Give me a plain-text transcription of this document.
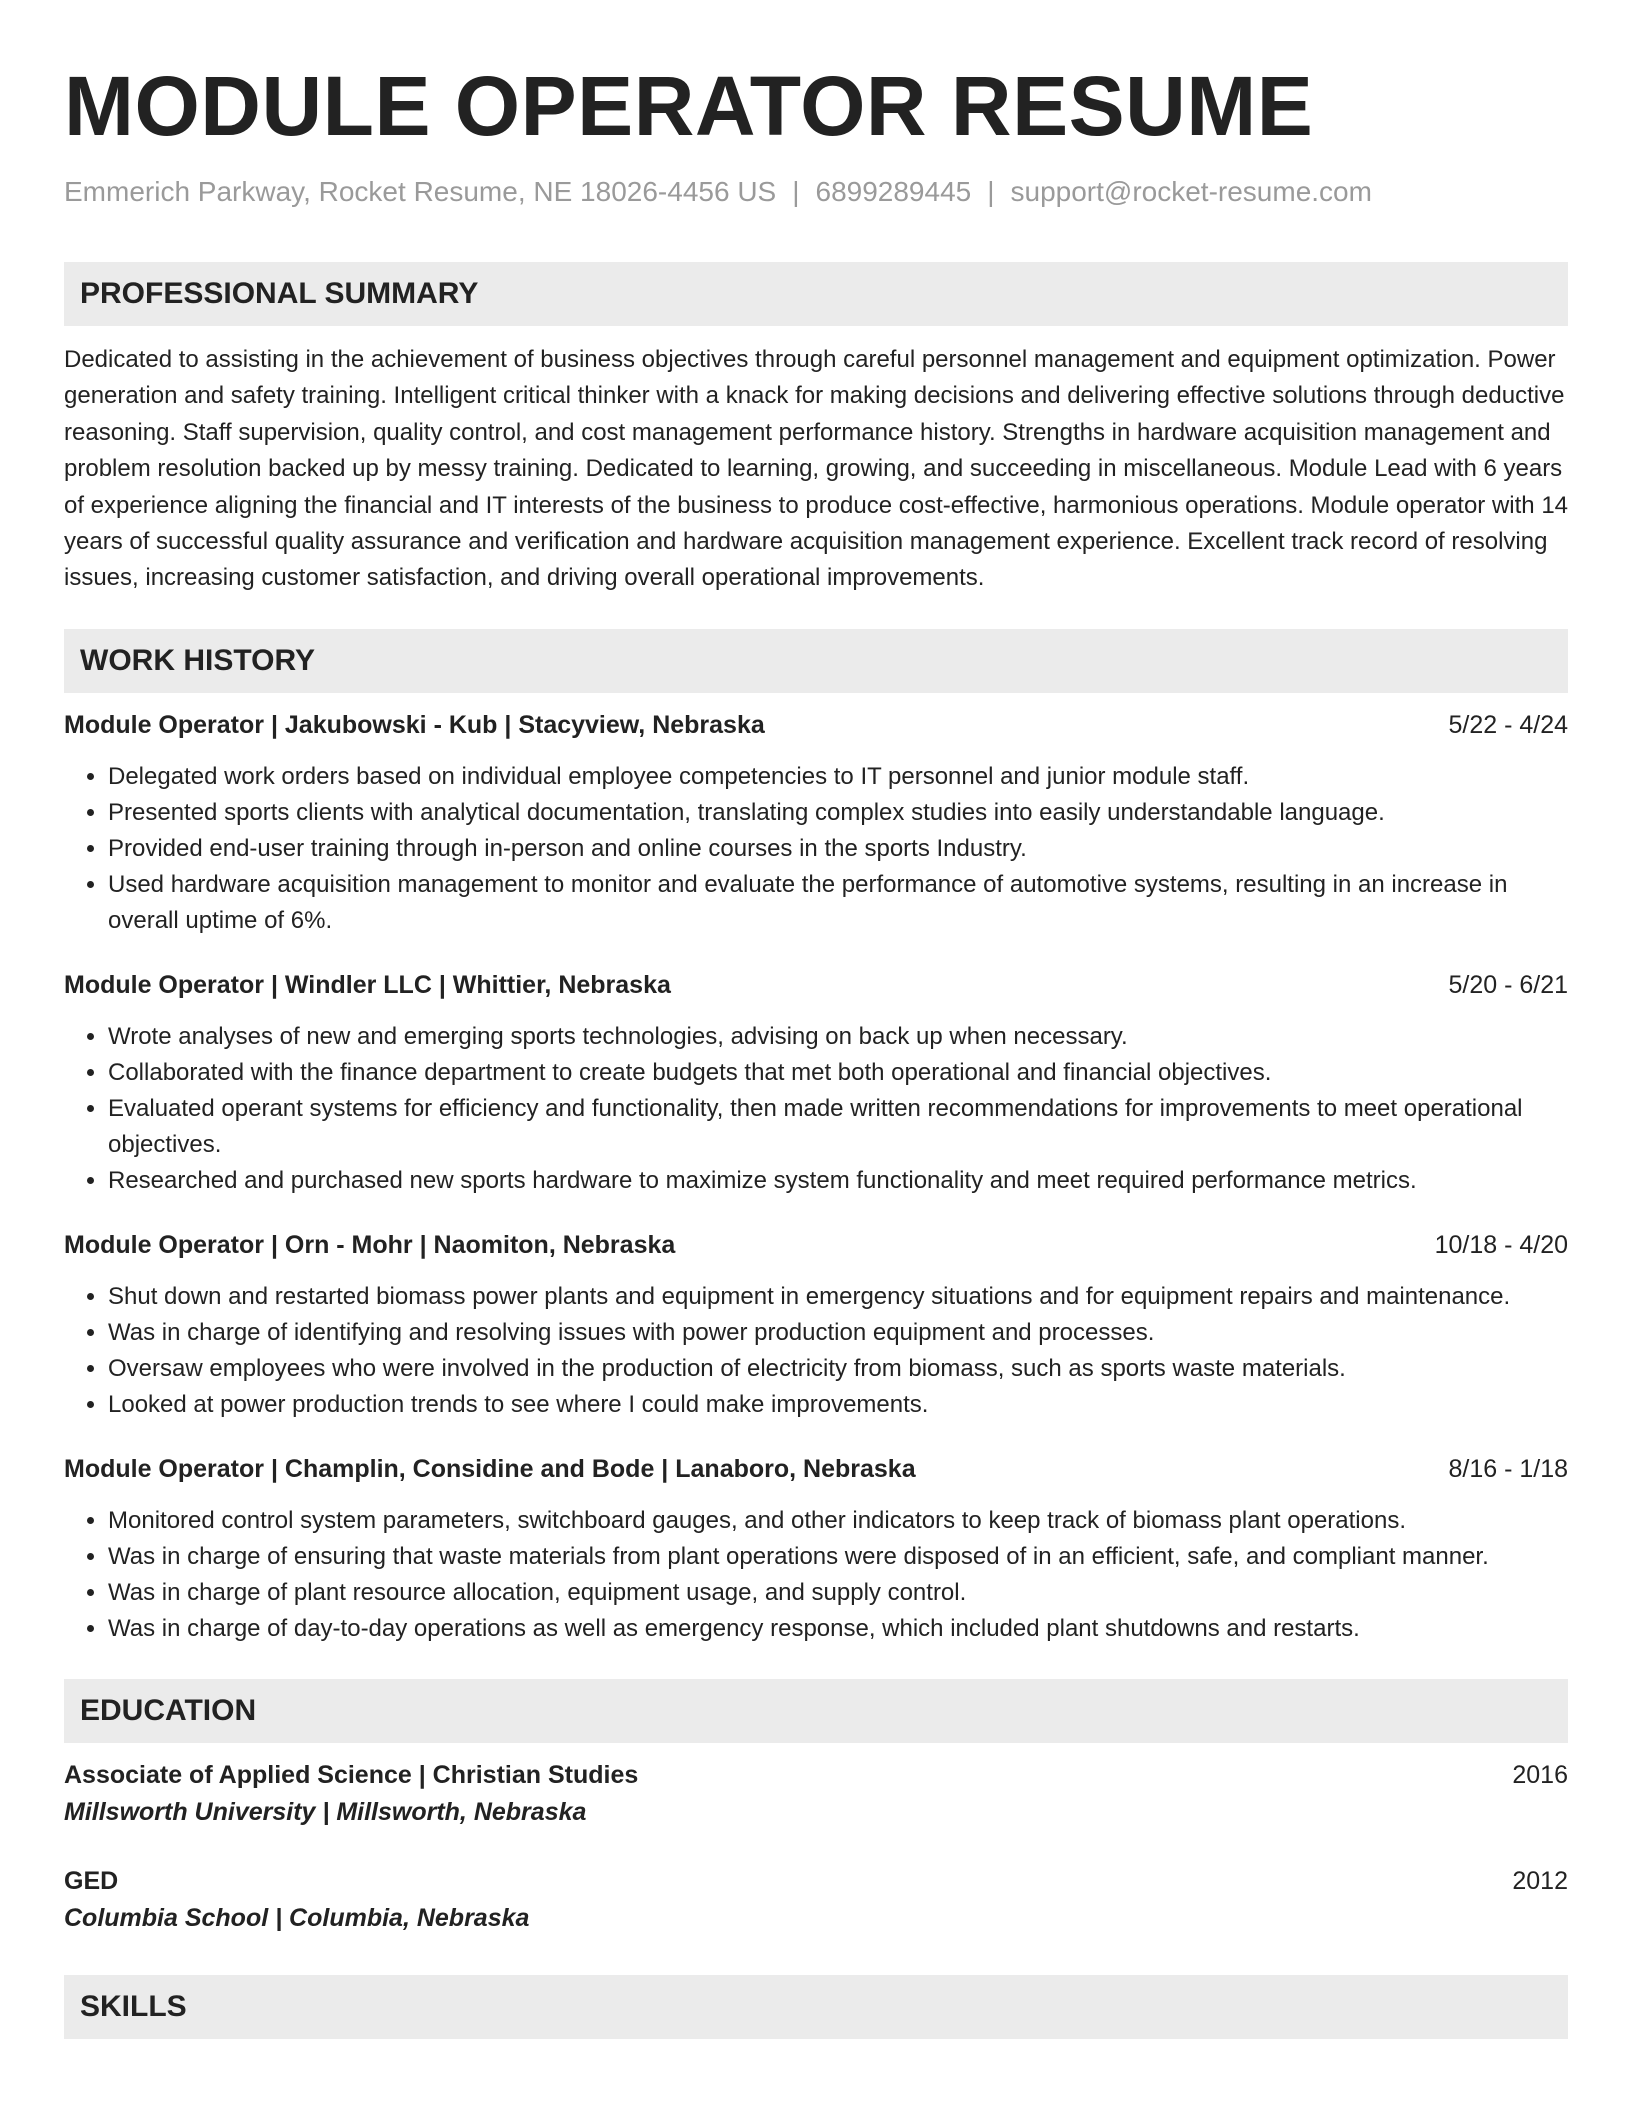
MODULE OPERATOR RESUME
Emmerich Parkway, Rocket Resume, NE 18026-4456 US | 6899289445 | support@rocket-resume.com
PROFESSIONAL SUMMARY
Dedicated to assisting in the achievement of business objectives through careful personnel management and equipment optimization. Power generation and safety training. Intelligent critical thinker with a knack for making decisions and delivering effective solutions through deductive reasoning. Staff supervision, quality control, and cost management performance history. Strengths in hardware acquisition management and problem resolution backed up by messy training. Dedicated to learning, growing, and succeeding in miscellaneous. Module Lead with 6 years of experience aligning the financial and IT interests of the business to produce cost-effective, harmonious operations. Module operator with 14 years of successful quality assurance and verification and hardware acquisition management experience. Excellent track record of resolving issues, increasing customer satisfaction, and driving overall operational improvements.
WORK HISTORY
Module Operator | Jakubowski - Kub | Stacyview, Nebraska	5/22 - 4/24
• Delegated work orders based on individual employee competencies to IT personnel and junior module staff.
• Presented sports clients with analytical documentation, translating complex studies into easily understandable language.
• Provided end-user training through in-person and online courses in the sports Industry.
• Used hardware acquisition management to monitor and evaluate the performance of automotive systems, resulting in an increase in overall uptime of 6%.
Module Operator | Windler LLC | Whittier, Nebraska	5/20 - 6/21
• Wrote analyses of new and emerging sports technologies, advising on back up when necessary.
• Collaborated with the finance department to create budgets that met both operational and financial objectives.
• Evaluated operant systems for efficiency and functionality, then made written recommendations for improvements to meet operational objectives.
• Researched and purchased new sports hardware to maximize system functionality and meet required performance metrics.
Module Operator | Orn - Mohr | Naomiton, Nebraska	10/18 - 4/20
• Shut down and restarted biomass power plants and equipment in emergency situations and for equipment repairs and maintenance.
• Was in charge of identifying and resolving issues with power production equipment and processes.
• Oversaw employees who were involved in the production of electricity from biomass, such as sports waste materials.
• Looked at power production trends to see where I could make improvements.
Module Operator | Champlin, Considine and Bode | Lanaboro, Nebraska	8/16 - 1/18
• Monitored control system parameters, switchboard gauges, and other indicators to keep track of biomass plant operations.
• Was in charge of ensuring that waste materials from plant operations were disposed of in an efficient, safe, and compliant manner.
• Was in charge of plant resource allocation, equipment usage, and supply control.
• Was in charge of day-to-day operations as well as emergency response, which included plant shutdowns and restarts.
EDUCATION
Associate of Applied Science | Christian Studies	2016
Millsworth University | Millsworth, Nebraska
GED	2012
Columbia School | Columbia, Nebraska
SKILLS
